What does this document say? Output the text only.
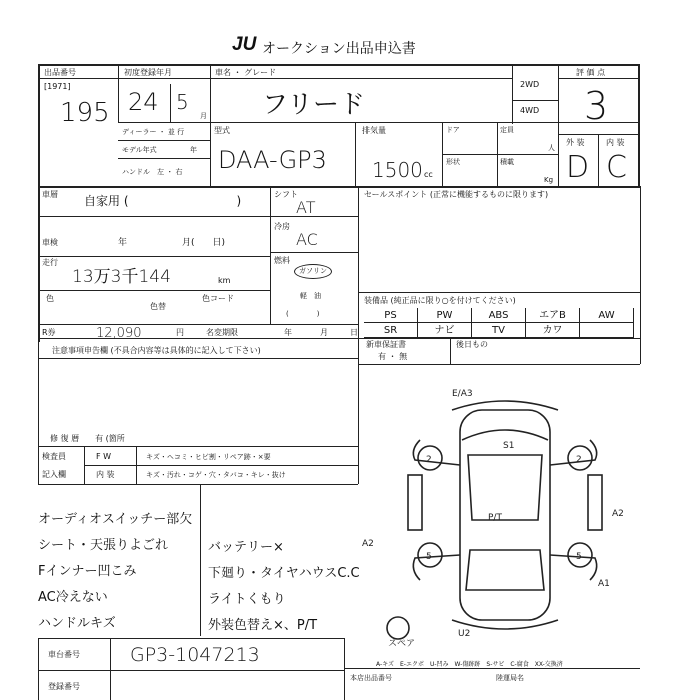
JU オークション出品申込書
出品番号
[1971]
195
初度登録年月
24 5
月
車名 ・ グレード
フリード
2WD
4WD
評 価 点
3
外 装	内 装
D C
ディーラー ・ 並 行
モデル年式	年
ハンドル　左 ・ 右
型式
DAA-GP3
排気量
1500 cc
ドア	定員
人
形状	積載
Kg
車層 自家用 (　　　　　　　　　)
車検	年	月(　　日)
走行
13万3千144	km
色
色替
色コード
シフト
AT
冷房
AC
燃料
ガソリン
軽　油
(　　　　)
セールスポイント (正常に機能するものに限ります)
装備品 (純正品に限り○を付けてください)
PS	PW	ABS	エアB	AW
SR	ナビ	TV	カワ
R券	12,090	円	名変期限	年	月	日
新車保証書
有 ・ 無
後日もの
注意事項申告欄 (不具合内容等は具体的に記入して下さい)
修 復 暦　　有 (箇所
検査員
記入欄
F W
内 装
キズ・ヘコミ・ヒビ割・リペア跡・×要
キズ・汚れ・コゲ・穴・タバコ・キレ・抜け
オーディオスイッチー部欠
シート・天張りよごれ
Fインナー凹こみ
AC冷えない
ハンドルキズ
バッテリー×
下廻り・タイヤハウスC.C
ライトくもり
外装色替え×、P/T
E/A3
S1
2	2
P/T
A2
A2
5	5
A1
U2
スペア
車台番号	GP3-1047213
登録番号
A-キズ　E-エクボ　U-凹み　W-傷跡跡　S-サビ　C-腐食　XX-交換済
本店出品番号	陸運局名
